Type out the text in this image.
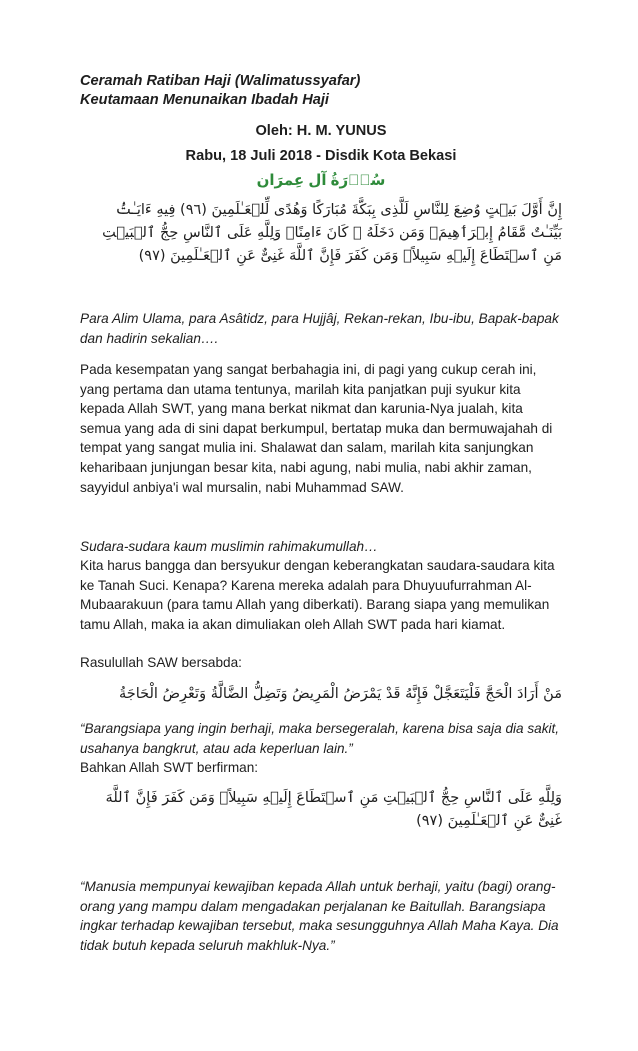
Ceramah Ratiban Haji (Walimatussyafar)
Keutamaan Menunaikan Ibadah Haji

Oleh: H. M. YUNUS

Rabu, 18 Juli 2018 - Disdik Kota Bekasi

سُوۡرَةُ آل عِمرَان

إِنَّ أَوَّلَ بَيۡتٍ وُضِعَ لِلنَّاسِ لَلَّذِى بِبَكَّةَ مُبَارَكًا وَهُدًى لِّلۡعَـٰلَمِينَ (٩٦) فِيهِ ءَايَـٰتُۢ بَيِّنَـٰتٌ مَّقَامُ إِبۡرَٲهِيمَ‌ۖ وَمَن دَخَلَهُ ۥ كَانَ ءَامِنًا‌ۗ وَلِلَّهِ عَلَى ٱلنَّاسِ حِجُّ ٱلۡبَيۡتِ مَنِ ٱسۡتَطَاعَ إِلَيۡهِ سَبِيلاً‌ۚ وَمَن كَفَرَ فَإِنَّ ٱللَّهَ غَنِىٌّ عَنِ ٱلۡعَـٰلَمِينَ (٩٧)

Para Alim Ulama, para Asâtidz, para Hujjâj, Rekan-rekan, Ibu-ibu, Bapak-bapak dan hadirin sekalian….

Pada kesempatan yang sangat berbahagia ini, di pagi yang cukup cerah ini, yang pertama dan utama tentunya, marilah kita panjatkan puji syukur kita kepada Allah SWT, yang mana berkat nikmat dan karunia-Nya jualah, kita semua yang ada di sini dapat berkumpul, bertatap muka dan bermuwajahah di tempat yang sangat mulia ini. Shalawat dan salam, marilah kita sanjungkan keharibaan junjungan besar kita, nabi agung, nabi mulia, nabi akhir zaman, sayyidul anbiya'i wal mursalin, nabi Muhammad SAW.

Sudara-sudara kaum muslimin rahimakumullah…

Kita harus bangga dan bersyukur dengan keberangkatan saudara-saudara kita ke Tanah Suci. Kenapa? Karena mereka adalah para Dhuyuufurrahman Al-Mubaarakuun (para tamu Allah yang diberkati). Barang siapa yang memulikan tamu Allah, maka ia akan dimuliakan oleh Allah SWT pada hari kiamat.

Rasulullah SAW bersabda:

مَنْ أَرَادَ الْحَجَّ فَلْيَتَعَجَّلْ فَإِنَّهُ قَدْ يَمْرَضُ الْمَرِيضُ وَتَضِلُّ الضَّالَّةُ وَتَعْرِضُ الْحَاجَةُ

“Barangsiapa yang ingin berhaji, maka bersegeralah, karena bisa saja dia sakit, usahanya bangkrut, atau ada keperluan lain.”

Bahkan Allah SWT berfirman:

وَلِلَّهِ عَلَى ٱلنَّاسِ حِجُّ ٱلۡبَيۡتِ مَنِ ٱسۡتَطَاعَ إِلَيۡهِ سَبِيلاً‌ۚ وَمَن كَفَرَ فَإِنَّ ٱللَّهَ غَنِىٌّ عَنِ ٱلۡعَـٰلَمِينَ (٩٧)

“Manusia mempunyai kewajiban kepada Allah untuk berhaji, yaitu (bagi) orang-orang yang mampu dalam mengadakan perjalanan ke Baitullah. Barangsiapa ingkar terhadap kewajiban tersebut, maka sesungguhnya Allah Maha Kaya. Dia tidak butuh kepada seluruh makhluk-Nya.”
